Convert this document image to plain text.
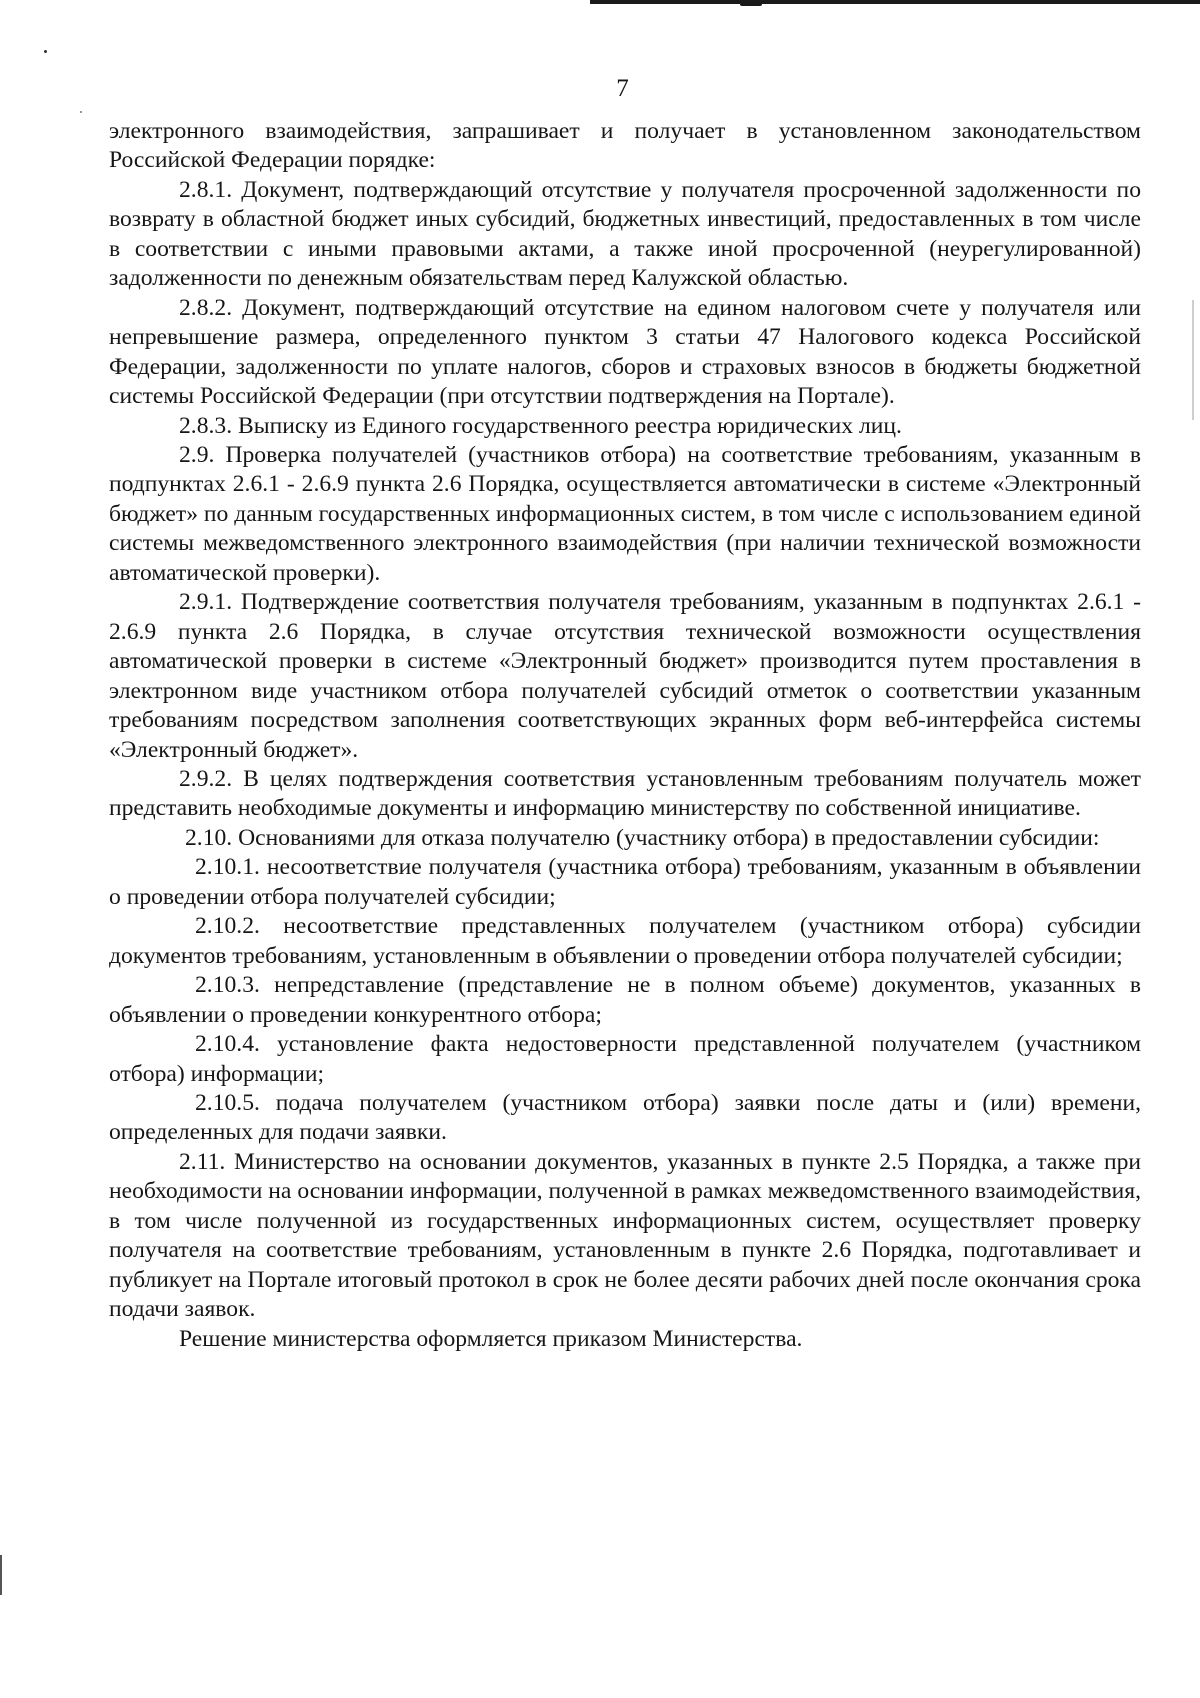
7

электронного взаимодействия, запрашивает и получает в установленном законодательством Российской Федерации порядке:

2.8.1. Документ, подтверждающий отсутствие у получателя просроченной задолженности по возврату в областной бюджет иных субсидий, бюджетных инвестиций, предоставленных в том числе в соответствии с иными правовыми актами, а также иной просроченной (неурегулированной) задолженности по денежным обязательствам перед Калужской областью.

2.8.2. Документ, подтверждающий отсутствие на едином налоговом счете у получателя или непревышение размера, определенного пунктом 3 статьи 47 Налогового кодекса Российской Федерации, задолженности по уплате налогов, сборов и страховых взносов в бюджеты бюджетной системы Российской Федерации (при отсутствии подтверждения на Портале).

2.8.3. Выписку из Единого государственного реестра юридических лиц.

2.9. Проверка получателей (участников отбора) на соответствие требованиям, указанным в подпунктах 2.6.1 - 2.6.9 пункта 2.6 Порядка, осуществляется автоматически в системе «Электронный бюджет» по данным государственных информационных систем, в том числе с использованием единой системы межведомственного электронного взаимодействия (при наличии технической возможности автоматической проверки).

2.9.1. Подтверждение соответствия получателя требованиям, указанным в подпунктах 2.6.1 - 2.6.9 пункта 2.6 Порядка, в случае отсутствия технической возможности осуществления автоматической проверки в системе «Электронный бюджет» производится путем проставления в электронном виде участником отбора получателей субсидий отметок о соответствии указанным требованиям посредством заполнения соответствующих экранных форм веб-интерфейса системы «Электронный бюджет».

2.9.2. В целях подтверждения соответствия установленным требованиям получатель может представить необходимые документы и информацию министерству по собственной инициативе.

2.10. Основаниями для отказа получателю (участнику отбора) в предоставлении субсидии:

2.10.1. несоответствие получателя (участника отбора) требованиям, указанным в объявлении о проведении отбора получателей субсидии;

2.10.2. несоответствие представленных получателем (участником отбора) субсидии документов требованиям, установленным в объявлении о проведении отбора получателей субсидии;

2.10.3. непредставление (представление не в полном объеме) документов, указанных в объявлении о проведении конкурентного отбора;

2.10.4. установление факта недостоверности представленной получателем (участником отбора) информации;

2.10.5. подача получателем (участником отбора) заявки после даты и (или) времени, определенных для подачи заявки.

2.11. Министерство на основании документов, указанных в пункте 2.5 Порядка, а также при необходимости на основании информации, полученной в рамках межведомственного взаимодействия, в том числе полученной из государственных информационных систем, осуществляет проверку получателя на соответствие требованиям, установленным в пункте 2.6 Порядка, подготавливает и публикует на Портале итоговый протокол в срок не более десяти рабочих дней после окончания срока подачи заявок.

Решение министерства оформляется приказом Министерства.
